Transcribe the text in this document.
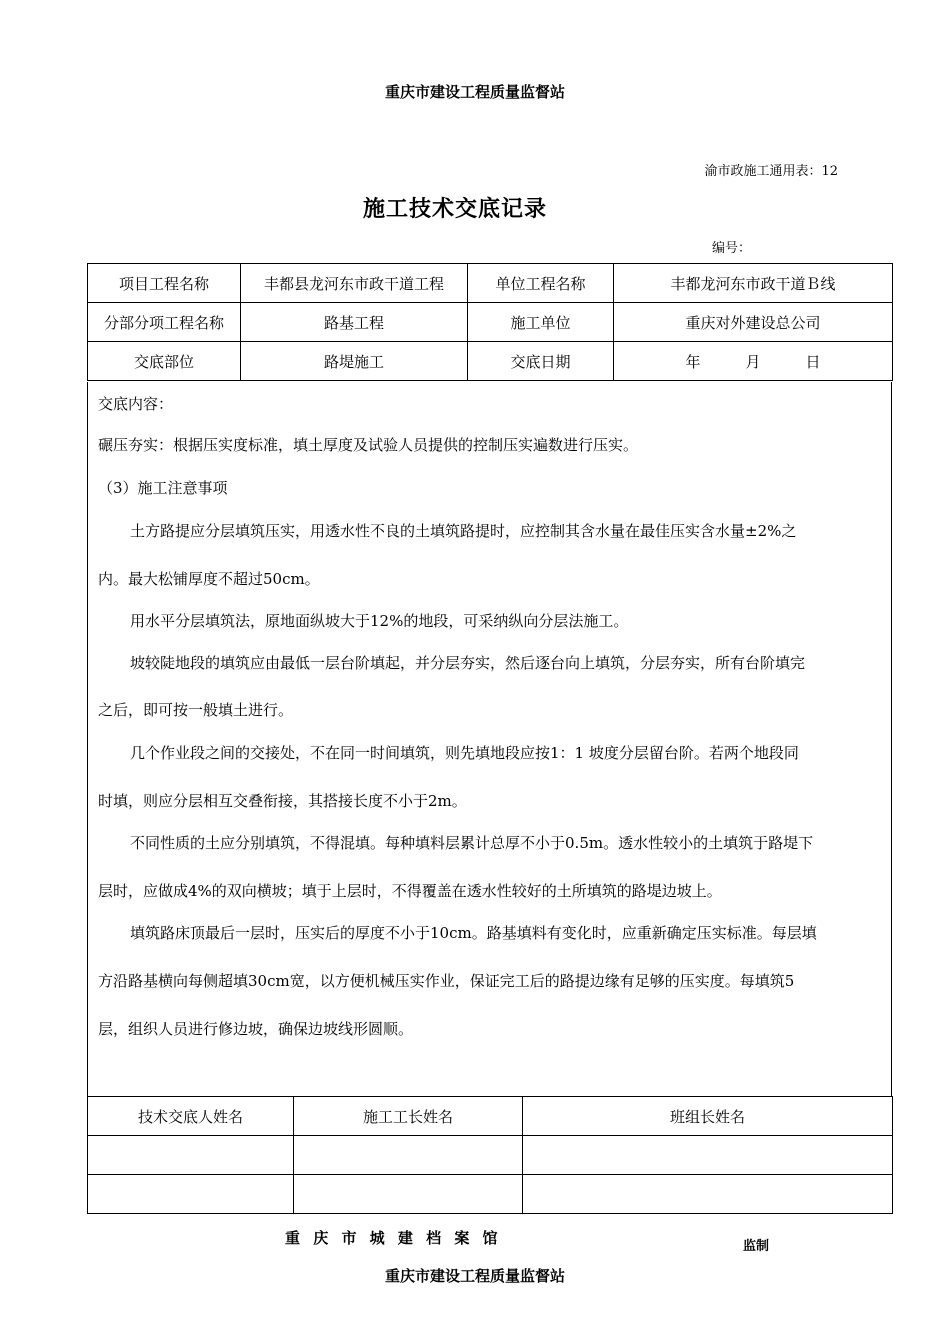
重庆市建设工程质量监督站
渝市政施工通用表：12
施工技术交底记录
编号：
项目工程名称	丰都县龙河东市政干道工程	单位工程名称	丰都龙河东市政干道Ｂ线
分部分项工程名称	路基工程	施工单位	重庆对外建设总公司
交底部位	路堤施工	交底日期	年　　　月　　　日

交底内容：

碾压夯实：根据压实度标准，填土厚度及试验人员提供的控制压实遍数进行压实。

（3）施工注意事项

土方路提应分层填筑压实，用透水性不良的土填筑路提时，应控制其含水量在最佳压实含水量±2%之

内。最大松铺厚度不超过50cm。

用水平分层填筑法，原地面纵坡大于12%的地段，可采纳纵向分层法施工。

坡较陡地段的填筑应由最低一层台阶填起，并分层夯实，然后逐台向上填筑，分层夯实，所有台阶填完

之后，即可按一般填土进行。

几个作业段之间的交接处，不在同一时间填筑，则先填地段应按1：1 坡度分层留台阶。若两个地段同

时填，则应分层相互交叠衔接，其搭接长度不小于2m。

不同性质的土应分别填筑，不得混填。每种填料层累计总厚不小于0.5m。透水性较小的土填筑于路堤下

层时，应做成4%的双向横坡；填于上层时，不得覆盖在透水性较好的土所填筑的路堤边坡上。

填筑路床顶最后一层时，压实后的厚度不小于10cm。路基填料有变化时，应重新确定压实标准。每层填

方沿路基横向每侧超填30cm宽，以方便机械压实作业，保证完工后的路提边缘有足够的压实度。每填筑5

层，组织人员进行修边坡，确保边坡线形圆顺。

技术交底人姓名	施工工长姓名	班组长姓名

重 庆 市 城 建 档 案 馆	监制
重庆市建设工程质量监督站
